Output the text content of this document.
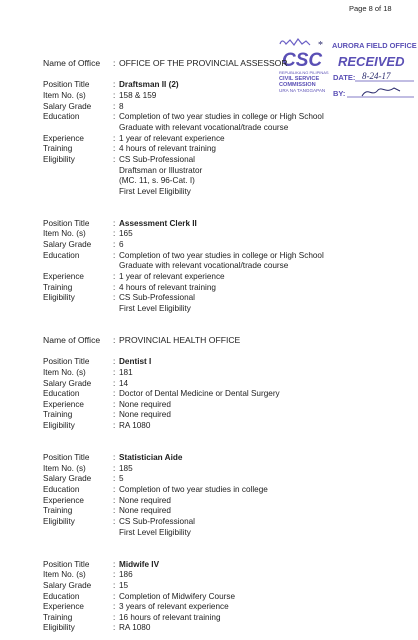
Page 8 of 18
CSC
REPUBLIKA NG PILIPINAS
CIVIL SERVICE
COMMISSION
URA NA TANGGAPAN
AURORA FIELD OFFICE
RECEIVED
DATE:
BY:
8-24-17
*
Name of Office : OFFICE OF THE PROVINCIAL ASSESSOR
Position Title	: Draftsman II (2)
Item No. (s)	: 158 & 159
Salary Grade	: 8
Education	: Completion of two year studies in college or High School
Graduate with relevant vocational/trade course
Experience	: 1 year of relevant experience
Training	: 4 hours of relevant training
Eligibility	: CS Sub-Professional
Draftsman or Illustrator
(MC. 11, s. 96-Cat. I)
First Level Eligibility
Position Title	: Assessment Clerk II
Item No. (s)	: 165
Salary Grade	: 6
Education	: Completion of two year studies in college or High School
Graduate with relevant vocational/trade course
Experience	: 1 year of relevant experience
Training	: 4 hours of relevant training
Eligibility	: CS Sub-Professional
First Level Eligibility
Name of Office : PROVINCIAL HEALTH OFFICE
Position Title	: Dentist I
Item No. (s)	: 181
Salary Grade	: 14
Education	: Doctor of Dental Medicine or Dental Surgery
Experience	: None required
Training	: None required
Eligibility	: RA 1080
Position Title	: Statistician Aide
Item No. (s)	: 185
Salary Grade	: 5
Education	: Completion of two year studies in college
Experience	: None required
Training	: None required
Eligibility	: CS Sub-Professional
First Level Eligibility
Position Title	: Midwife IV
Item No. (s)	: 186
Salary Grade	: 15
Education	: Completion of Midwifery Course
Experience	: 3 years of relevant experience
Training	: 16 hours of relevant training
Eligibility	: RA 1080
